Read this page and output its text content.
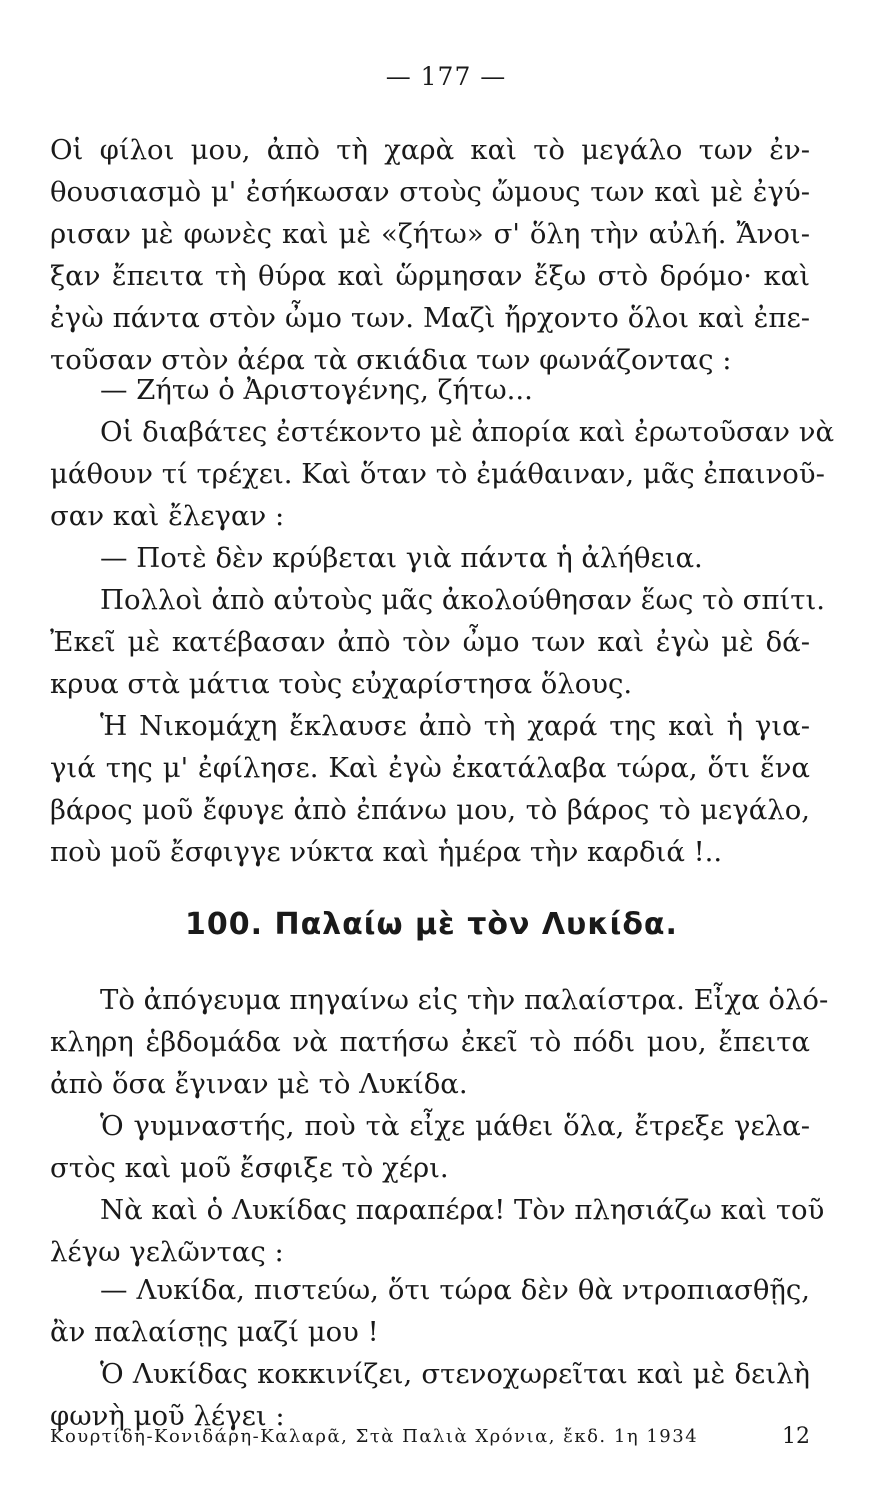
— 177 —
Οἱ φίλοι μου, ἀπὸ τὴ χαρὰ καὶ τὸ μεγάλο των ἐν-
θουσιασμὸ μ' ἐσήκωσαν στοὺς ὤμους των καὶ μὲ ἐγύ-
ρισαν μὲ φωνὲς καὶ μὲ «ζήτω» σ' ὅλη τὴν αὐλή. Ἄνοι-
ξαν ἔπειτα τὴ θύρα καὶ ὥρμησαν ἔξω στὸ δρόμο· καὶ
ἐγὼ πάντα στὸν ὦμο των. Μαζὶ ἤρχοντο ὅλοι καὶ ἐπε-
τοῦσαν στὸν ἀέρα τὰ σκιάδια των φωνάζοντας :
— Ζήτω ὁ Ἀριστογένης, ζήτω...
Οἱ διαβάτες ἐστέκοντο μὲ ἀπορία καὶ ἐρωτοῦσαν νὰ
μάθουν τί τρέχει. Καὶ ὅταν τὸ ἐμάθαιναν, μᾶς ἐπαινοῦ-
σαν καὶ ἔλεγαν :
— Ποτὲ δὲν κρύβεται γιὰ πάντα ἡ ἀλήθεια.
Πολλοὶ ἀπὸ αὐτοὺς μᾶς ἀκολούθησαν ἕως τὸ σπίτι.
Ἐκεῖ μὲ κατέβασαν ἀπὸ τὸν ὦμο των καὶ ἐγὼ μὲ δά-
κρυα στὰ μάτια τοὺς εὐχαρίστησα ὅλους.
Ἡ Νικομάχη ἔκλαυσε ἀπὸ τὴ χαρά της καὶ ἡ για-
γιά της μ' ἐφίλησε. Καὶ ἐγὼ ἐκατάλαβα τώρα, ὅτι ἕνα
βάρος μοῦ ἔφυγε ἀπὸ ἐπάνω μου, τὸ βάρος τὸ μεγάλο,
ποὺ μοῦ ἔσφιγγε νύκτα καὶ ἡμέρα τὴν καρδιά !..
100. Παλαίω μὲ τὸν Λυκίδα.
Τὸ ἀπόγευμα πηγαίνω εἰς τὴν παλαίστρα. Εἶχα ὁλό-
κληρη ἑβδομάδα νὰ πατήσω ἐκεῖ τὸ πόδι μου, ἔπειτα
ἀπὸ ὅσα ἔγιναν μὲ τὸ Λυκίδα.
Ὁ γυμναστής, ποὺ τὰ εἶχε μάθει ὅλα, ἔτρεξε γελα-
στὸς καὶ μοῦ ἔσφιξε τὸ χέρι.
Νὰ καὶ ὁ Λυκίδας παραπέρα! Τὸν πλησιάζω καὶ τοῦ
λέγω γελῶντας :
— Λυκίδα, πιστεύω, ὅτι τώρα δὲν θὰ ντροπιασθῇς,
ἂν παλαίσῃς μαζί μου !
Ὁ Λυκίδας κοκκινίζει, στενοχωρεῖται καὶ μὲ δειλὴ
φωνὴ μοῦ λέγει :
Κουρτίδη-Κονιδάρη-Καλαρᾶ, Στὰ Παλιὰ Χρόνια, ἔκδ. 1η 1934	12
